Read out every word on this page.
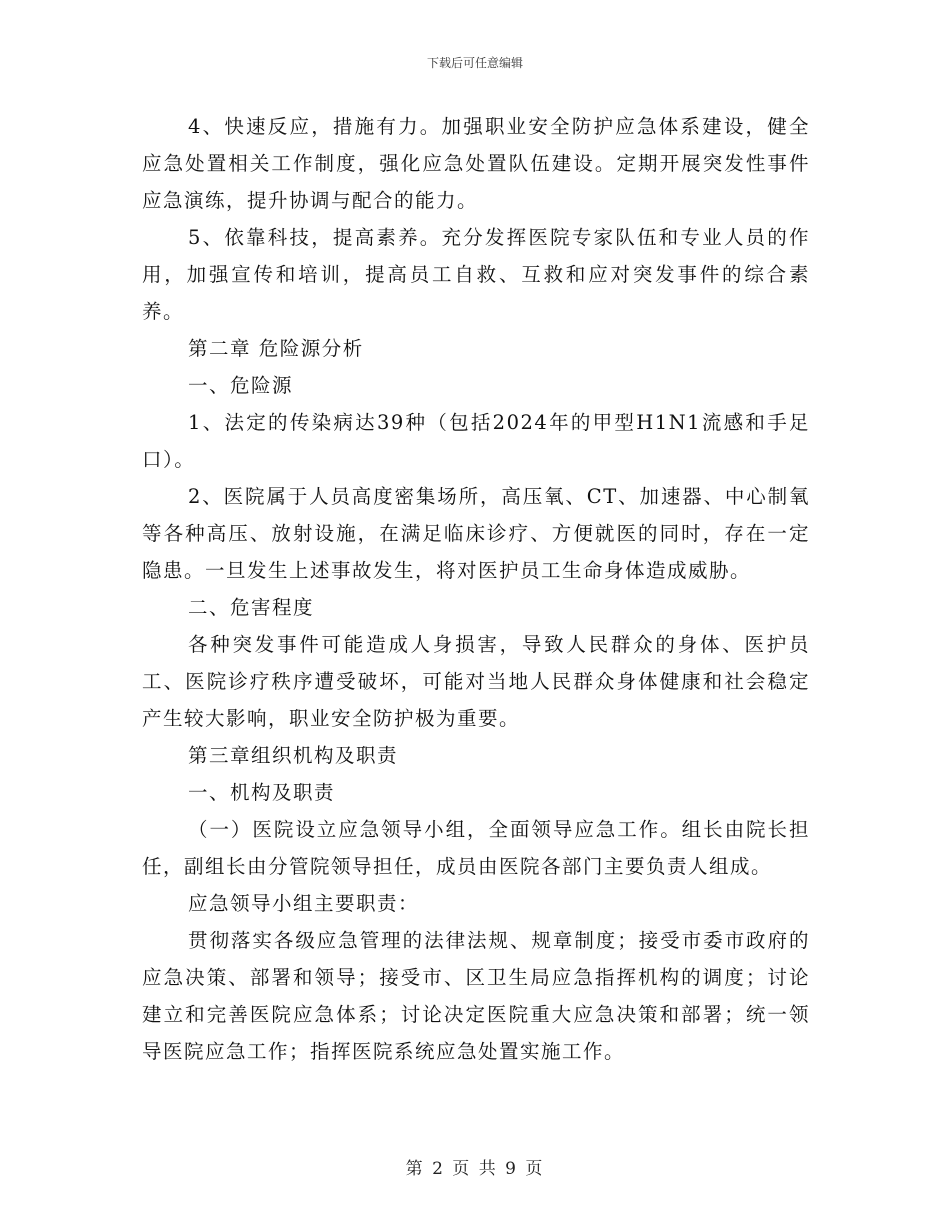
下载后可任意编辑

4、快速反应，措施有力。加强职业安全防护应急体系建设，健全应急处置相关工作制度，强化应急处置队伍建设。定期开展突发性事件应急演练，提升协调与配合的能力。

5、依靠科技，提高素养。充分发挥医院专家队伍和专业人员的作用，加强宣传和培训，提高员工自救、互救和应对突发事件的综合素养。

第二章 危险源分析

一、危险源

1、法定的传染病达39种（包括2024年的甲型H1N1流感和手足口）。

2、医院属于人员高度密集场所，高压氧、CT、加速器、中心制氧等各种高压、放射设施，在满足临床诊疗、方便就医的同时，存在一定隐患。一旦发生上述事故发生，将对医护员工生命身体造成威胁。

二、危害程度

各种突发事件可能造成人身损害，导致人民群众的身体、医护员工、医院诊疗秩序遭受破坏，可能对当地人民群众身体健康和社会稳定产生较大影响，职业安全防护极为重要。

第三章组织机构及职责

一、机构及职责

（一）医院设立应急领导小组，全面领导应急工作。组长由院长担任，副组长由分管院领导担任，成员由医院各部门主要负责人组成。

应急领导小组主要职责：

贯彻落实各级应急管理的法律法规、规章制度；接受市委市政府的应急决策、部署和领导；接受市、区卫生局应急指挥机构的调度；讨论建立和完善医院应急体系；讨论决定医院重大应急决策和部署；统一领导医院应急工作；指挥医院系统应急处置实施工作。

第 2 页 共 9 页
